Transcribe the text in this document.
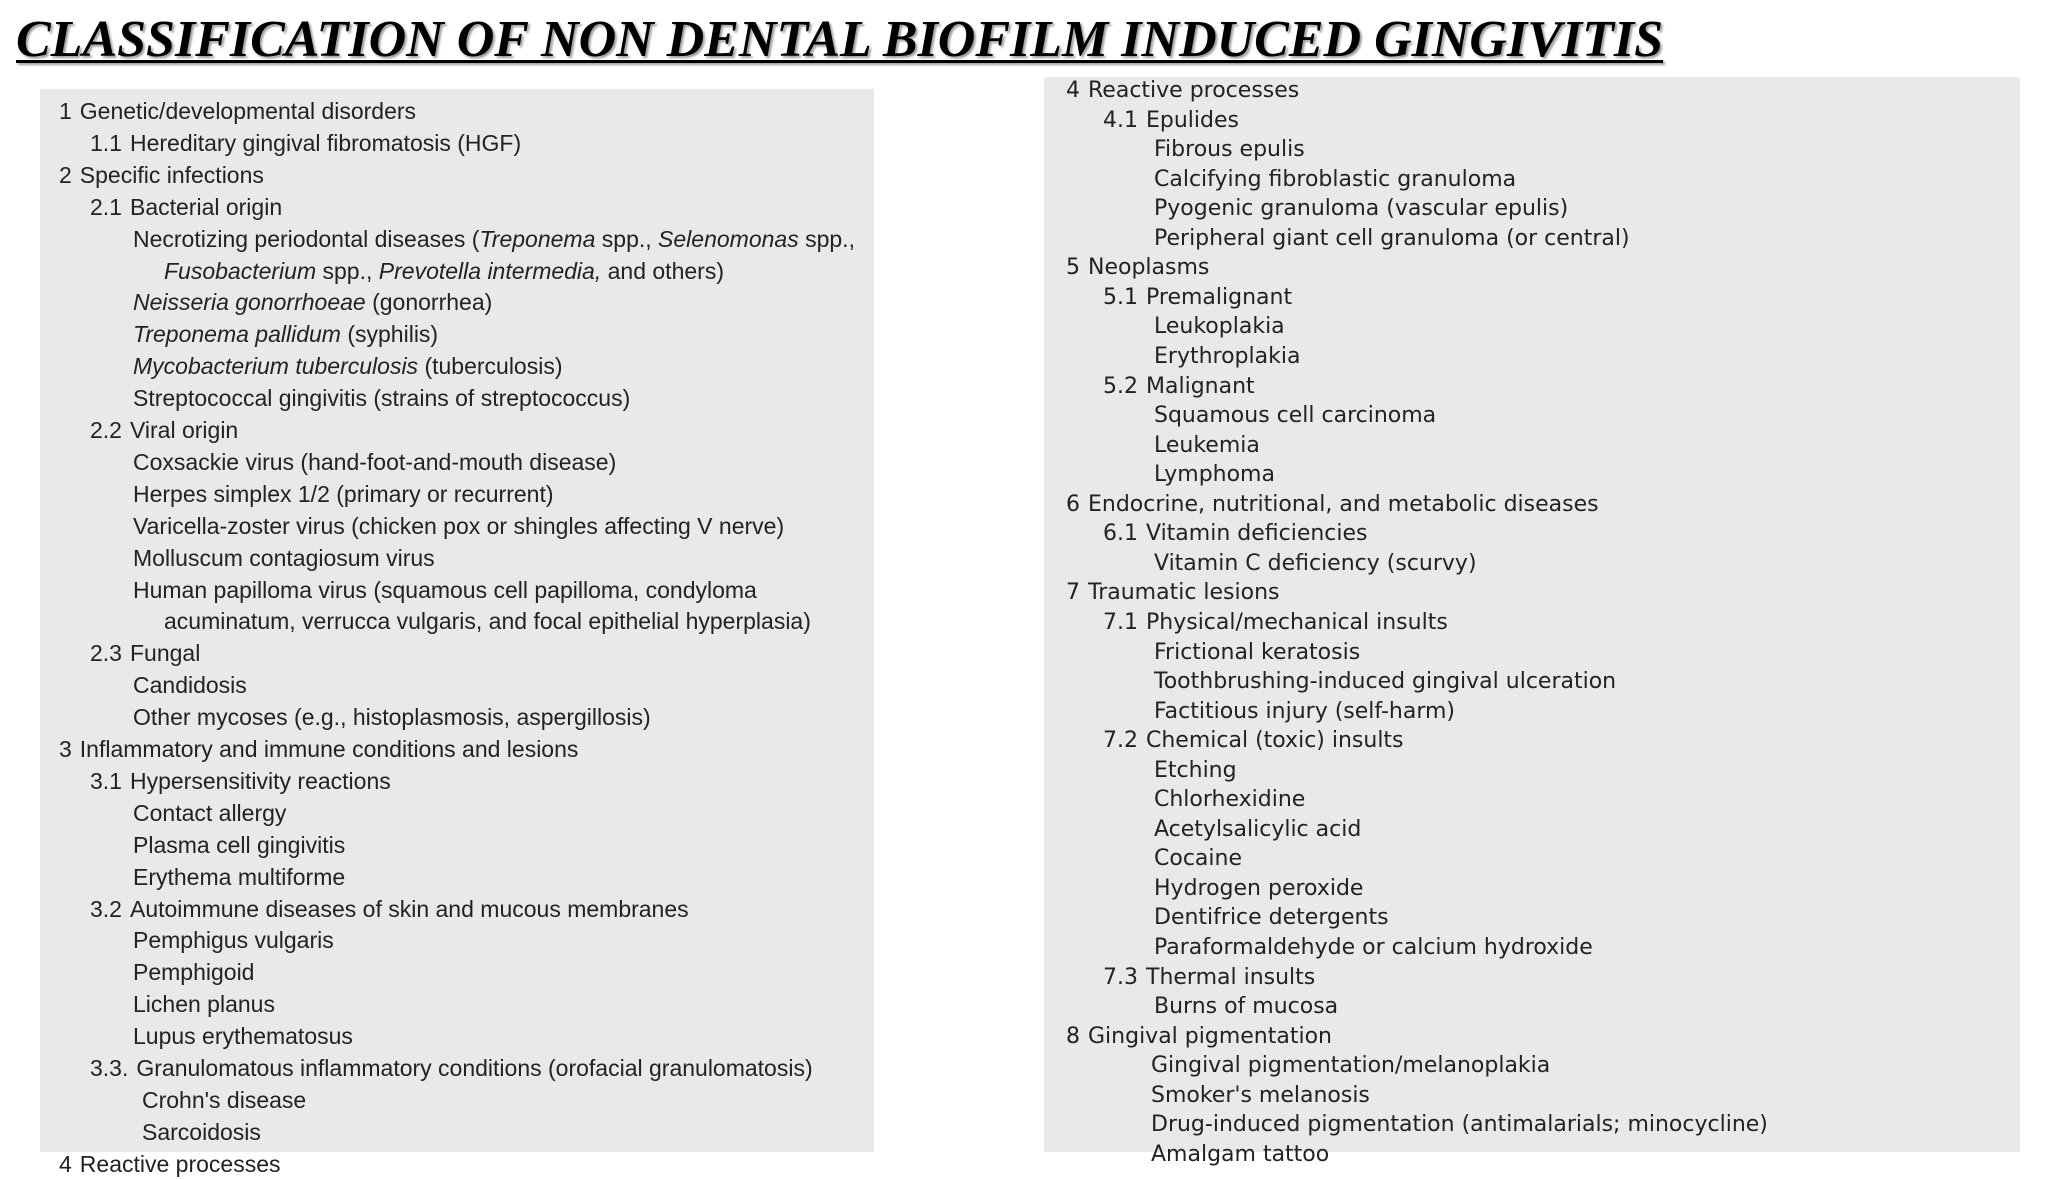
CLASSIFICATION OF NON DENTAL BIOFILM INDUCED GINGIVITIS
1 Genetic/developmental disorders
1.1 Hereditary gingival fibromatosis (HGF)
2 Specific infections
2.1 Bacterial origin
Necrotizing periodontal diseases (Treponema spp., Selenomonas spp.,
Fusobacterium spp., Prevotella intermedia, and others)
Neisseria gonorrhoeae (gonorrhea)
Treponema pallidum (syphilis)
Mycobacterium tuberculosis (tuberculosis)
Streptococcal gingivitis (strains of streptococcus)
2.2 Viral origin
Coxsackie virus (hand-foot-and-mouth disease)
Herpes simplex 1/2 (primary or recurrent)
Varicella-zoster virus (chicken pox or shingles affecting V nerve)
Molluscum contagiosum virus
Human papilloma virus (squamous cell papilloma, condyloma
acuminatum, verrucca vulgaris, and focal epithelial hyperplasia)
2.3 Fungal
Candidosis
Other mycoses (e.g., histoplasmosis, aspergillosis)
3 Inflammatory and immune conditions and lesions
3.1 Hypersensitivity reactions
Contact allergy
Plasma cell gingivitis
Erythema multiforme
3.2 Autoimmune diseases of skin and mucous membranes
Pemphigus vulgaris
Pemphigoid
Lichen planus
Lupus erythematosus
3.3. Granulomatous inflammatory conditions (orofacial granulomatosis)
Crohn's disease
Sarcoidosis
4 Reactive processes
4 Reactive processes
4.1 Epulides
Fibrous epulis
Calcifying fibroblastic granuloma
Pyogenic granuloma (vascular epulis)
Peripheral giant cell granuloma (or central)
5 Neoplasms
5.1 Premalignant
Leukoplakia
Erythroplakia
5.2 Malignant
Squamous cell carcinoma
Leukemia
Lymphoma
6 Endocrine, nutritional, and metabolic diseases
6.1 Vitamin deficiencies
Vitamin C deficiency (scurvy)
7 Traumatic lesions
7.1 Physical/mechanical insults
Frictional keratosis
Toothbrushing-induced gingival ulceration
Factitious injury (self-harm)
7.2 Chemical (toxic) insults
Etching
Chlorhexidine
Acetylsalicylic acid
Cocaine
Hydrogen peroxide
Dentifrice detergents
Paraformaldehyde or calcium hydroxide
7.3 Thermal insults
Burns of mucosa
8 Gingival pigmentation
Gingival pigmentation/melanoplakia
Smoker's melanosis
Drug-induced pigmentation (antimalarials; minocycline)
Amalgam tattoo
